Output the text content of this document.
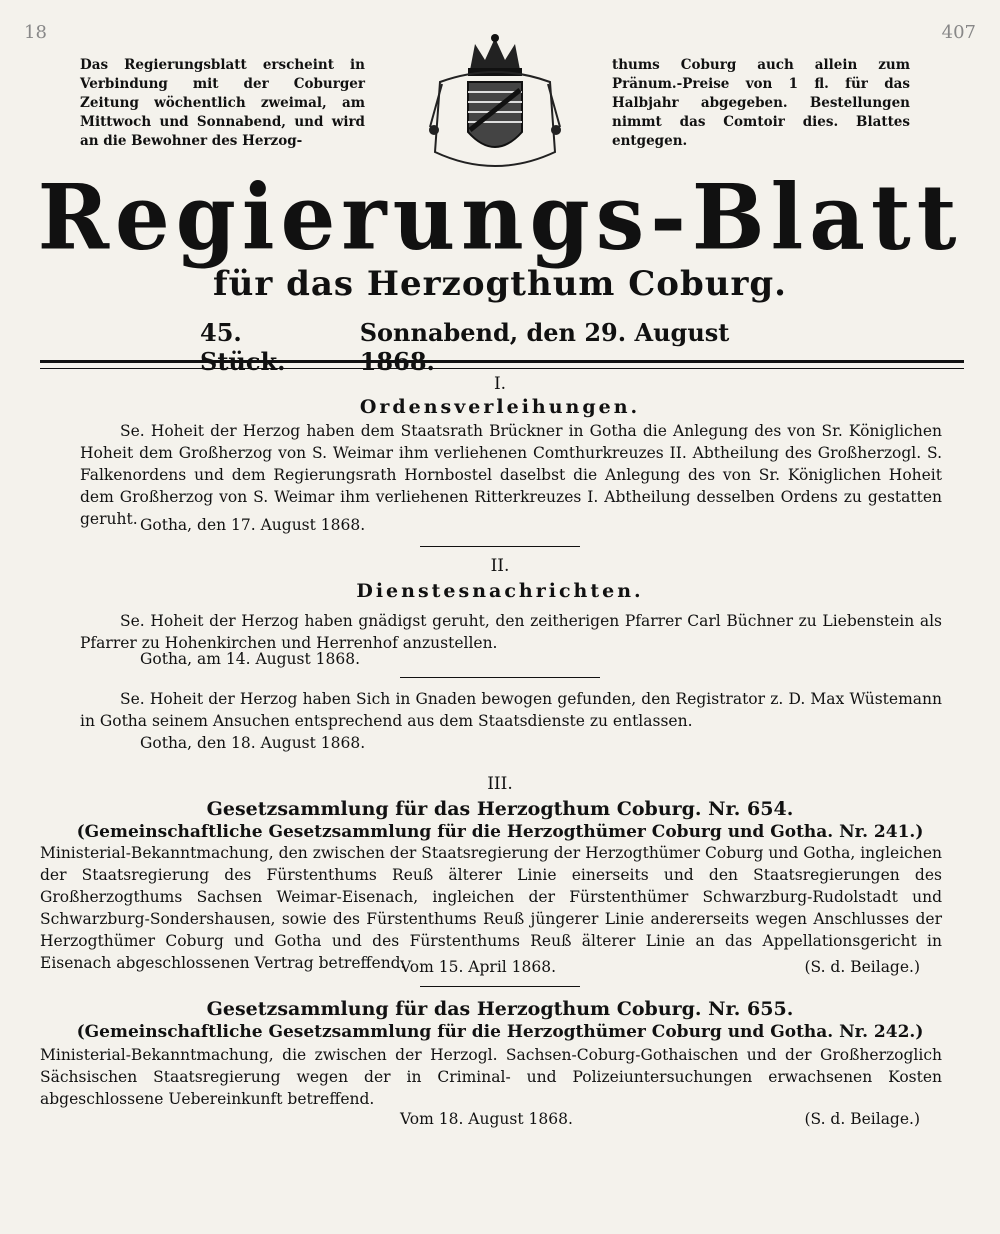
18	407
Das Regierungsblatt erscheint in Verbindung mit der Coburger Zeitung wöchentlich zweimal, am Mittwoch und Sonnabend, und wird an die Bewohner des Herzog-
thums Coburg auch allein zum Pränum.-Preise von 1 fl. für das Halbjahr abgegeben. Bestellungen nimmt das Comtoir dies. Blattes entgegen.
Regierungs-Blatt
für das Herzogthum Coburg.
45. Stück.
Sonnabend, den 29. August 1868.
I.
Ordensverleihungen.
Se. Hoheit der Herzog haben dem Staatsrath Brückner in Gotha die Anlegung des von Sr. Königlichen Hoheit dem Großherzog von S. Weimar ihm verliehenen Comthurkreuzes II. Abtheilung des Großherzogl. S. Falkenordens und dem Regierungsrath Hornbostel daselbst die Anlegung des von Sr. Königlichen Hoheit dem Großherzog von S. Weimar ihm verliehenen Ritterkreuzes I. Abtheilung desselben Ordens zu gestatten geruht. Gotha, den 17. August 1868.
II.
Dienstesnachrichten.
Se. Hoheit der Herzog haben gnädigst geruht, den zeitherigen Pfarrer Carl Büchner zu Liebenstein als Pfarrer zu Hohenkirchen und Herrenhof anzustellen.
Gotha, am 14. August 1868.
Se. Hoheit der Herzog haben Sich in Gnaden bewogen gefunden, den Registrator z. D. Max Wüstemann in Gotha seinem Ansuchen entsprechend aus dem Staatsdienste zu entlassen.
Gotha, den 18. August 1868.
III.
Gesetzsammlung für das Herzogthum Coburg. Nr. 654.
(Gemeinschaftliche Gesetzsammlung für die Herzogthümer Coburg und Gotha. Nr. 241.)
Ministerial-Bekanntmachung, den zwischen der Staatsregierung der Herzogthümer Coburg und Gotha, ingleichen der Staatsregierung des Fürstenthums Reuß älterer Linie einerseits und den Staatsregierungen des Großherzogthums Sachsen Weimar-Eisenach, ingleichen der Fürstenthümer Schwarzburg-Rudolstadt und Schwarzburg-Sondershausen, sowie des Fürstenthums Reuß jüngerer Linie andererseits wegen Anschlusses der Herzogthümer Coburg und Gotha und des Fürstenthums Reuß älterer Linie an das Appellationsgericht in Eisenach abgeschlossenen Vertrag betreffend.
Vom 15. April 1868.	(S. d. Beilage.)
Gesetzsammlung für das Herzogthum Coburg. Nr. 655.
(Gemeinschaftliche Gesetzsammlung für die Herzogthümer Coburg und Gotha. Nr. 242.)
Ministerial-Bekanntmachung, die zwischen der Herzogl. Sachsen-Coburg-Gothaischen und der Großherzoglich Sächsischen Staatsregierung wegen der in Criminal- und Polizeiuntersuchungen erwachsenen Kosten abgeschlossene Uebereinkunft betreffend.
Vom 18. August 1868.	(S. d. Beilage.)
